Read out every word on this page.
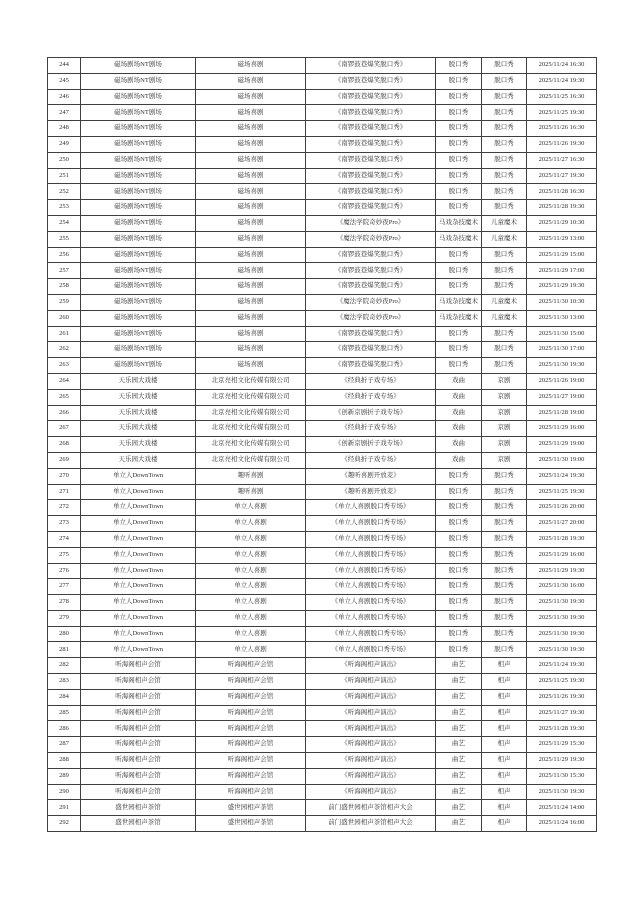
244	磁场剧场NT剧场	磁场喜剧	《南锣鼓巷爆笑脱口秀》	脱口秀	脱口秀	2025/11/24 16:30
245	磁场剧场NT剧场	磁场喜剧	《南锣鼓巷爆笑脱口秀》	脱口秀	脱口秀	2025/11/24 19:30
246	磁场剧场NT剧场	磁场喜剧	《南锣鼓巷爆笑脱口秀》	脱口秀	脱口秀	2025/11/25 16:30
247	磁场剧场NT剧场	磁场喜剧	《南锣鼓巷爆笑脱口秀》	脱口秀	脱口秀	2025/11/25 19:30
248	磁场剧场NT剧场	磁场喜剧	《南锣鼓巷爆笑脱口秀》	脱口秀	脱口秀	2025/11/26 16:30
249	磁场剧场NT剧场	磁场喜剧	《南锣鼓巷爆笑脱口秀》	脱口秀	脱口秀	2025/11/26 19:30
250	磁场剧场NT剧场	磁场喜剧	《南锣鼓巷爆笑脱口秀》	脱口秀	脱口秀	2025/11/27 16:30
251	磁场剧场NT剧场	磁场喜剧	《南锣鼓巷爆笑脱口秀》	脱口秀	脱口秀	2025/11/27 19:30
252	磁场剧场NT剧场	磁场喜剧	《南锣鼓巷爆笑脱口秀》	脱口秀	脱口秀	2025/11/28 16:30
253	磁场剧场NT剧场	磁场喜剧	《南锣鼓巷爆笑脱口秀》	脱口秀	脱口秀	2025/11/28 19:30
254	磁场剧场NT剧场	磁场喜剧	《魔法学院奇妙夜Pro》	马戏杂技魔术	儿童魔术	2025/11/29 10:30
255	磁场剧场NT剧场	磁场喜剧	《魔法学院奇妙夜Pro》	马戏杂技魔术	儿童魔术	2025/11/29 13:00
256	磁场剧场NT剧场	磁场喜剧	《南锣鼓巷爆笑脱口秀》	脱口秀	脱口秀	2025/11/29 15:00
257	磁场剧场NT剧场	磁场喜剧	《南锣鼓巷爆笑脱口秀》	脱口秀	脱口秀	2025/11/29 17:00
258	磁场剧场NT剧场	磁场喜剧	《南锣鼓巷爆笑脱口秀》	脱口秀	脱口秀	2025/11/29 19:30
259	磁场剧场NT剧场	磁场喜剧	《魔法学院奇妙夜Pro》	马戏杂技魔术	儿童魔术	2025/11/30 10:30
260	磁场剧场NT剧场	磁场喜剧	《魔法学院奇妙夜Pro》	马戏杂技魔术	儿童魔术	2025/11/30 13:00
261	磁场剧场NT剧场	磁场喜剧	《南锣鼓巷爆笑脱口秀》	脱口秀	脱口秀	2025/11/30 15:00
262	磁场剧场NT剧场	磁场喜剧	《南锣鼓巷爆笑脱口秀》	脱口秀	脱口秀	2025/11/30 17:00
263	磁场剧场NT剧场	磁场喜剧	《南锣鼓巷爆笑脱口秀》	脱口秀	脱口秀	2025/11/30 19:30
264	天乐园大戏楼	北京亮相文化传媒有限公司	《经典折子戏专场》	戏曲	京剧	2025/11/26 19:00
265	天乐园大戏楼	北京亮相文化传媒有限公司	《经典折子戏专场》	戏曲	京剧	2025/11/27 19:00
266	天乐园大戏楼	北京亮相文化传媒有限公司	《创新京剧折子戏专场》	戏曲	京剧	2025/11/28 19:00
267	天乐园大戏楼	北京亮相文化传媒有限公司	《经典折子戏专场》	戏曲	京剧	2025/11/29 16:00
268	天乐园大戏楼	北京亮相文化传媒有限公司	《创新京剧折子戏专场》	戏曲	京剧	2025/11/29 19:00
269	天乐园大戏楼	北京亮相文化传媒有限公司	《经典折子戏专场》	戏曲	京剧	2025/11/30 19:00
270	单立人DownTown	趣听喜剧	《趣听喜剧开放麦》	脱口秀	脱口秀	2025/11/24 19:30
271	单立人DownTown	趣听喜剧	《趣听喜剧开放麦》	脱口秀	脱口秀	2025/11/25 19:30
272	单立人DownTown	单立人喜剧	《单立人喜剧脱口秀专场》	脱口秀	脱口秀	2025/11/26 20:00
273	单立人DownTown	单立人喜剧	《单立人喜剧脱口秀专场》	脱口秀	脱口秀	2025/11/27 20:00
274	单立人DownTown	单立人喜剧	《单立人喜剧脱口秀专场》	脱口秀	脱口秀	2025/11/28 19:30
275	单立人DownTown	单立人喜剧	《单立人喜剧脱口秀专场》	脱口秀	脱口秀	2025/11/29 16:00
276	单立人DownTown	单立人喜剧	《单立人喜剧脱口秀专场》	脱口秀	脱口秀	2025/11/29 19:30
277	单立人DownTown	单立人喜剧	《单立人喜剧脱口秀专场》	脱口秀	脱口秀	2025/11/30 16:00
278	单立人DownTown	单立人喜剧	《单立人喜剧脱口秀专场》	脱口秀	脱口秀	2025/11/30 19:30
279	单立人DownTown	单立人喜剧	《单立人喜剧脱口秀专场》	脱口秀	脱口秀	2025/11/30 19:30
280	单立人DownTown	单立人喜剧	《单立人喜剧脱口秀专场》	脱口秀	脱口秀	2025/11/30 19:30
281	单立人DownTown	单立人喜剧	《单立人喜剧脱口秀专场》	脱口秀	脱口秀	2025/11/30 19:30
282	听海阁相声会馆	听海阁相声会馆	《听海阁相声演出》	曲艺	相声	2025/11/24 19:30
283	听海阁相声会馆	听海阁相声会馆	《听海阁相声演出》	曲艺	相声	2025/11/25 19:30
284	听海阁相声会馆	听海阁相声会馆	《听海阁相声演出》	曲艺	相声	2025/11/26 19:30
285	听海阁相声会馆	听海阁相声会馆	《听海阁相声演出》	曲艺	相声	2025/11/27 19:30
286	听海阁相声会馆	听海阁相声会馆	《听海阁相声演出》	曲艺	相声	2025/11/28 19:30
287	听海阁相声会馆	听海阁相声会馆	《听海阁相声演出》	曲艺	相声	2025/11/29 15:30
288	听海阁相声会馆	听海阁相声会馆	《听海阁相声演出》	曲艺	相声	2025/11/29 19:30
289	听海阁相声会馆	听海阁相声会馆	《听海阁相声演出》	曲艺	相声	2025/11/30 15:30
290	听海阁相声会馆	听海阁相声会馆	《听海阁相声演出》	曲艺	相声	2025/11/30 19:30
291	盛世园相声茶馆	盛世园相声茶馆	前门盛世园相声茶馆相声大会	曲艺	相声	2025/11/24 14:00
292	盛世园相声茶馆	盛世园相声茶馆	前门盛世园相声茶馆相声大会	曲艺	相声	2025/11/24 16:00
